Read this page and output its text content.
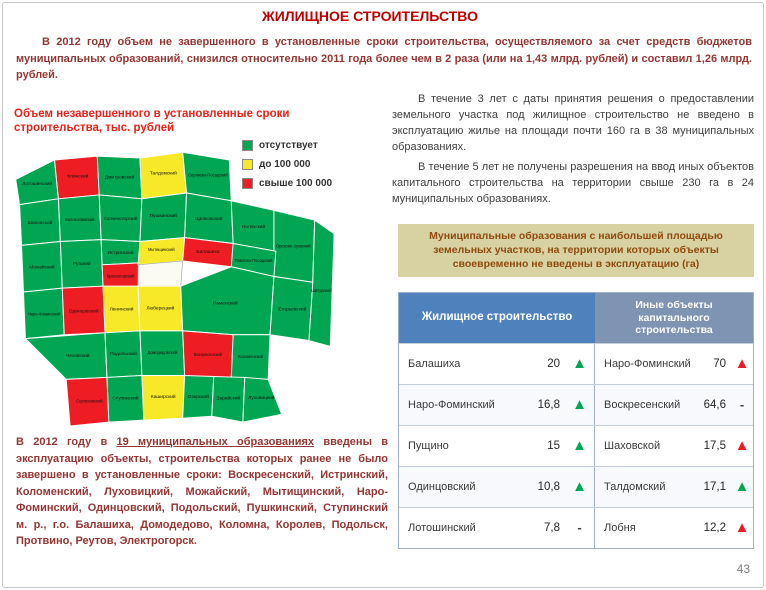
ЖИЛИЩНОЕ СТРОИТЕЛЬСТВО
В 2012 году объем не завершенного в установленные сроки строительства, осуществляемого за счет средств бюджетов муниципальных образований, снизился относительно 2011 года более чем в 2 раза (или на 1,43 млрд. рублей) и составил 1,26 млрд. рублей.
Объем незавершенного в установленные сроки строительства, тыс. рублей
отсутствует
до 100 000
свыше 100 000
Лотошинский
Клинский	Дмитровский
Талдомский	Сергиево-Посадский
Шаховской
Волоколамский Солнечногорский	Пушкинский
Щелковский
Ногинский
Орехово-Зуевский
Шатурский
Можайский
Рузский
Истринский
Красногорский
Мытищинский
Балашиха
Павлово-Посадский
Наро-Фоминский Одинцовский Ленинский	Люберецкий
Раменский
Егорьевский
Чеховский	Подольский	Домодедовский	Воскресенский	Коломенский
Серпуховский Ступинский Каширский Озерский Зарайский Луховицкий
В течение 3 лет с даты принятия решения о предоставлении земельного участка под жилищное строительство не введено в эксплуатацию жилье на площади почти 160 га в 38 муниципальных образованиях.
В течение 5 лет не получены разрешения на ввод иных объектов капитального строительства на территории свыше 230 га в 24 муниципальных образованиях.
Муниципальные образования с наибольшей площадью земельных участков, на территории которых объекты своевременно не введены в эксплуатацию (га)
Жилищное строительство
Иные объекты капитального строительства
Балашиха	20 ▲	Наро-Фоминский	70 ▲
Наро-Фоминский	16,8 ▲	Воскресенский	64,6	-
Пущино	15 ▲	Шаховской	17,5 ▲
Одинцовский	10,8 ▲	Талдомский	17,1 ▲
Лотошинский	7,8	-	Лобня	12,2 ▲
В 2012 году в 19 муниципальных образованиях введены в эксплуатацию объекты, строительства которых ранее не было завершено в установленные сроки: Воскресенский, Истринский, Коломенский, Луховицкий, Можайский, Мытищинский, Наро-Фоминский, Одинцовский, Подольский, Пушкинский, Ступинский м. р., г.о. Балашиха, Домодедово, Коломна, Королев, Подольск, Протвино, Реутов, Электрогорск.
43
